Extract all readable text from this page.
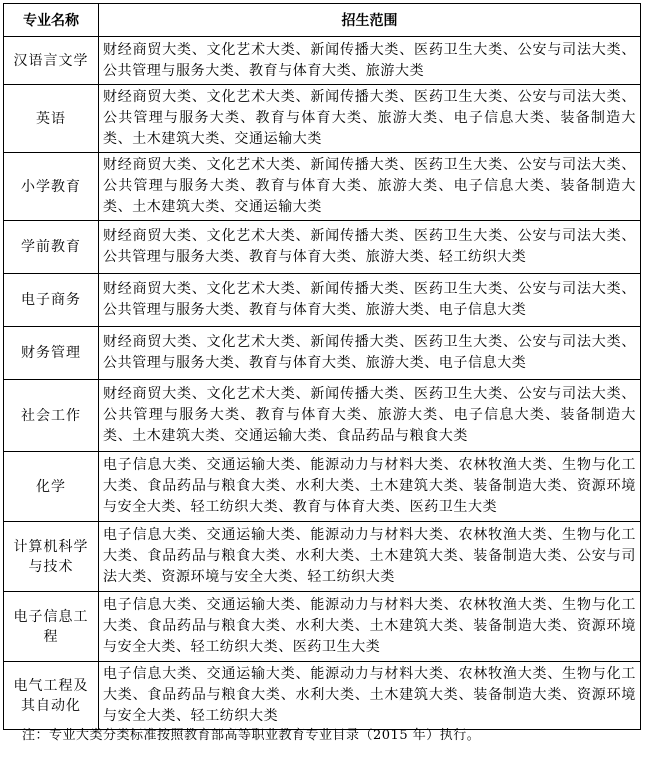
专业名称	招生范围
汉语言文学	财经商贸大类、文化艺术大类、新闻传播大类、医药卫生大类、公安与司法大类、公共管理与服务大类、教育与体育大类、旅游大类
英语	财经商贸大类、文化艺术大类、新闻传播大类、医药卫生大类、公安与司法大类、公共管理与服务大类、教育与体育大类、旅游大类、电子信息大类、装备制造大类、土木建筑大类、交通运输大类
小学教育	财经商贸大类、文化艺术大类、新闻传播大类、医药卫生大类、公安与司法大类、公共管理与服务大类、教育与体育大类、旅游大类、电子信息大类、装备制造大类、土木建筑大类、交通运输大类
学前教育	财经商贸大类、文化艺术大类、新闻传播大类、医药卫生大类、公安与司法大类、公共管理与服务大类、教育与体育大类、旅游大类、轻工纺织大类
电子商务	财经商贸大类、文化艺术大类、新闻传播大类、医药卫生大类、公安与司法大类、公共管理与服务大类、教育与体育大类、旅游大类、电子信息大类
财务管理	财经商贸大类、文化艺术大类、新闻传播大类、医药卫生大类、公安与司法大类、公共管理与服务大类、教育与体育大类、旅游大类、电子信息大类
社会工作	财经商贸大类、文化艺术大类、新闻传播大类、医药卫生大类、公安与司法大类、公共管理与服务大类、教育与体育大类、旅游大类、电子信息大类、装备制造大类、土木建筑大类、交通运输大类、食品药品与粮食大类
化学	电子信息大类、交通运输大类、能源动力与材料大类、农林牧渔大类、生物与化工大类、食品药品与粮食大类、水利大类、土木建筑大类、装备制造大类、资源环境与安全大类、轻工纺织大类、教育与体育大类、医药卫生大类
计算机科学与技术	电子信息大类、交通运输大类、能源动力与材料大类、农林牧渔大类、生物与化工大类、食品药品与粮食大类、水利大类、土木建筑大类、装备制造大类、公安与司法大类、资源环境与安全大类、轻工纺织大类
电子信息工程	电子信息大类、交通运输大类、能源动力与材料大类、农林牧渔大类、生物与化工大类、食品药品与粮食大类、水利大类、土木建筑大类、装备制造大类、资源环境与安全大类、轻工纺织大类、医药卫生大类
电气工程及其自动化	电子信息大类、交通运输大类、能源动力与材料大类、农林牧渔大类、生物与化工大类、食品药品与粮食大类、水利大类、土木建筑大类、装备制造大类、资源环境与安全大类、轻工纺织大类
注：专业大类分类标准按照教育部高等职业教育专业目录（2015 年）执行。
